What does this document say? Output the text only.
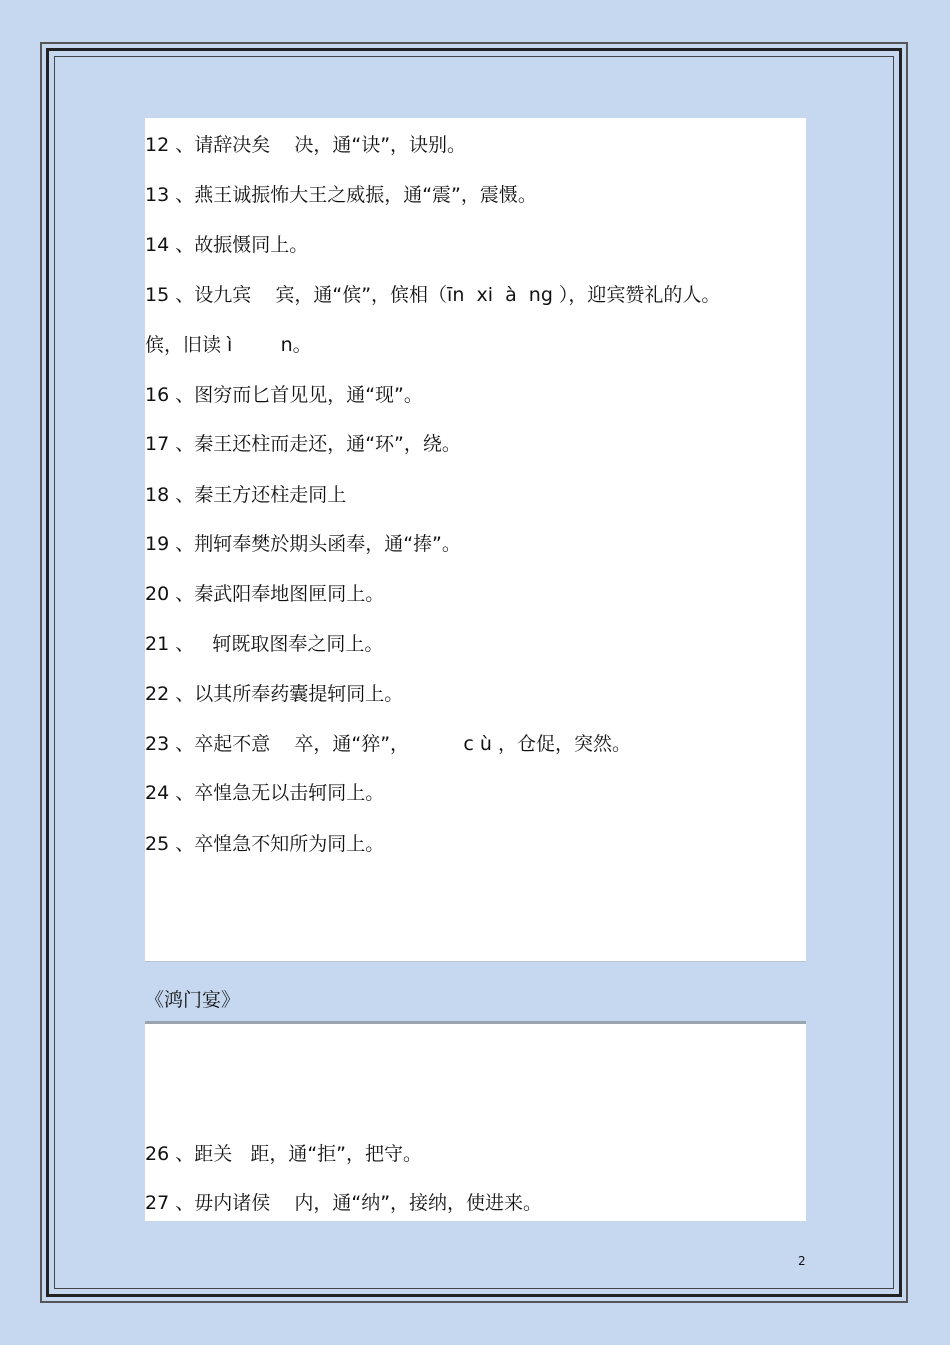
12 、请辞决矣    决，通“诀”，诀别。

13 、燕王诚振怖大王之威振，通“震”，震慑。

14 、故振慑同上。

15 、设九宾    宾，通“傧”，傧相（īn  xi  à  ng ），迎宾赞礼的人。

傧，旧读 ì        n。

16 、图穷而匕首见见，通“现”。

17 、秦王还柱而走还，通“环”，绕。

18 、秦王方还柱走同上

19 、荆轲奉樊於期头函奉，通“捧”。

20 、秦武阳奉地图匣同上。

21 、   轲既取图奉之同上。

22 、以其所奉药囊提轲同上。

23 、卒起不意    卒，通“猝”，         c ù ，仓促，突然。

24 、卒惶急无以击轲同上。

25 、卒惶急不知所为同上。

《鸿门宴》

26 、距关   距，通“拒”，把守。

27 、毋内诸侯    内，通“纳”，接纳，使进来。

2
